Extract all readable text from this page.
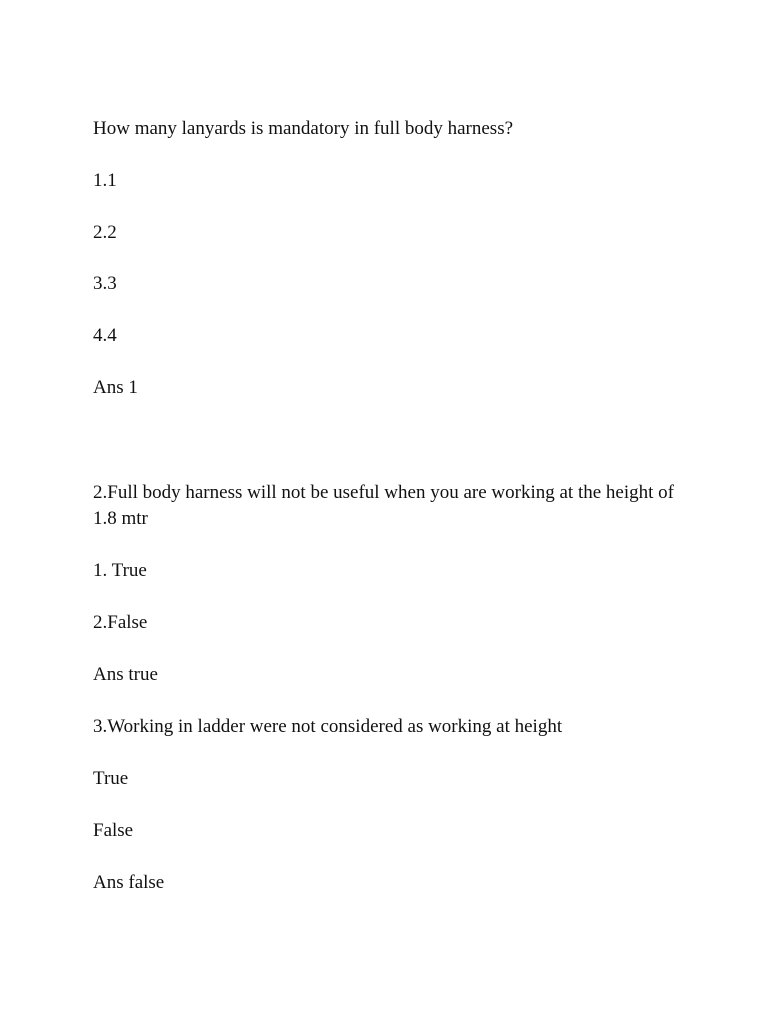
How many lanyards is mandatory in full body harness?

1.1

2.2

3.3

4.4

Ans 1

2.Full body harness will not be useful when you are working at the height of 1.8 mtr

1. True

2.False

Ans true

3.Working in ladder were not considered as working at height

True

False

Ans false
